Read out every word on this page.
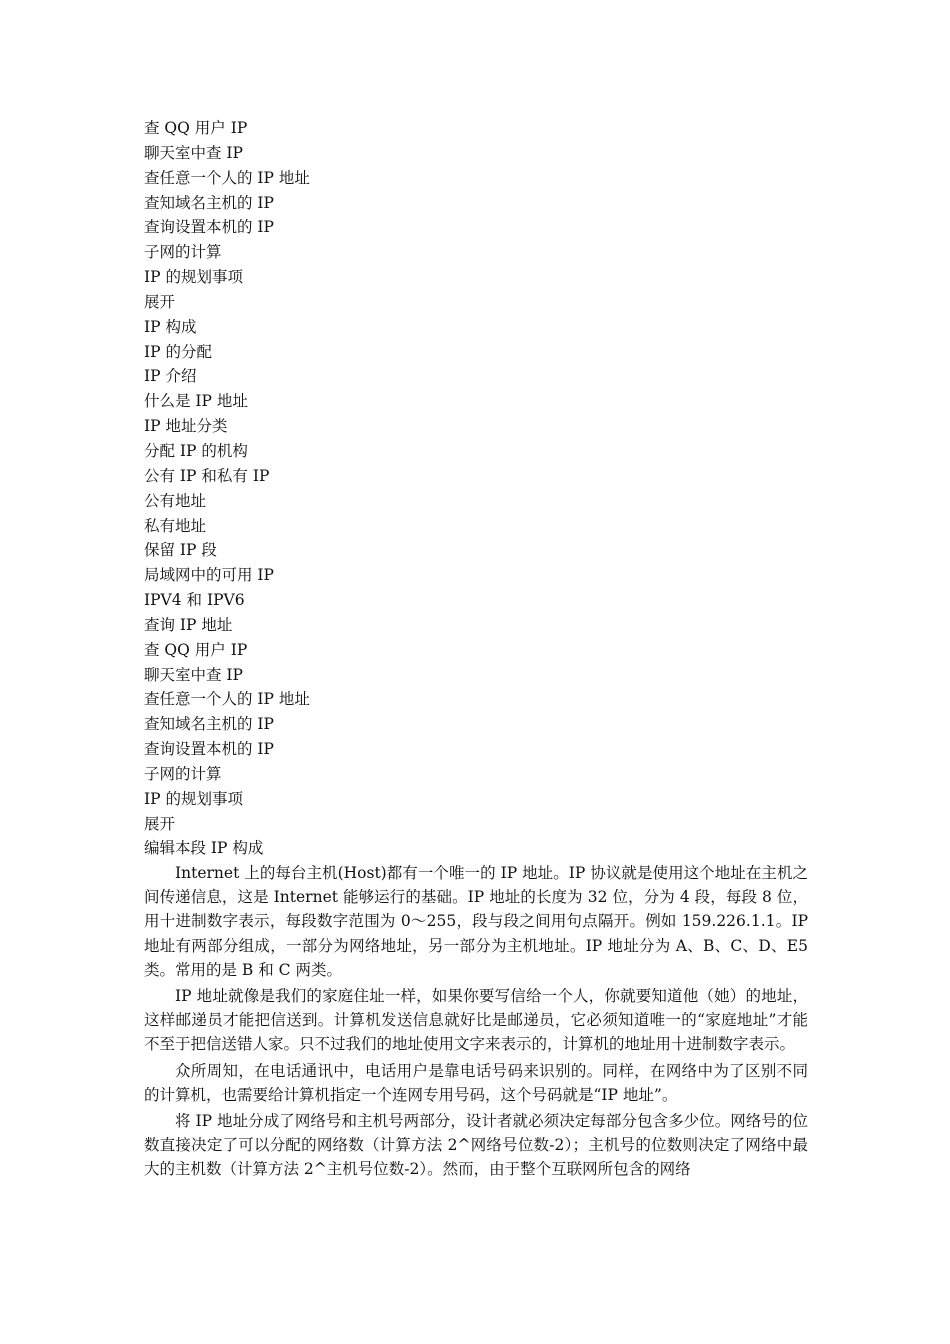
查 QQ 用户 IP
聊天室中查 IP
查任意一个人的 IP 地址
查知域名主机的 IP
查询设置本机的 IP
子网的计算
IP 的规划事项
展开
IP 构成
IP 的分配
IP 介绍
什么是 IP 地址
IP 地址分类
分配 IP 的机构
公有 IP 和私有 IP
公有地址
私有地址
保留 IP 段
局域网中的可用 IP
IPV4 和 IPV6
查询 IP 地址
查 QQ 用户 IP
聊天室中查 IP
查任意一个人的 IP 地址
查知域名主机的 IP
查询设置本机的 IP
子网的计算
IP 的规划事项
展开
编辑本段 IP 构成

Internet 上的每台主机(Host)都有一个唯一的 IP 地址。IP 协议就是使用这个地址在主机之间传递信息，这是 Internet 能够运行的基础。IP 地址的长度为 32 位，分为 4 段，每段 8 位，用十进制数字表示，每段数字范围为 0～255，段与段之间用句点隔开。例如 159.226.1.1。IP 地址有两部分组成，一部分为网络地址，另一部分为主机地址。IP 地址分为 A、B、C、D、E5 类。常用的是 B 和 C 两类。

IP 地址就像是我们的家庭住址一样，如果你要写信给一个人，你就要知道他（她）的地址，这样邮递员才能把信送到。计算机发送信息就好比是邮递员，它必须知道唯一的“家庭地址”才能不至于把信送错人家。只不过我们的地址使用文字来表示的，计算机的地址用十进制数字表示。

众所周知，在电话通讯中，电话用户是靠电话号码来识别的。同样，在网络中为了区别不同的计算机，也需要给计算机指定一个连网专用号码，这个号码就是“IP 地址”。

将 IP 地址分成了网络号和主机号两部分，设计者就必须决定每部分包含多少位。网络号的位数直接决定了可以分配的网络数（计算方法 2^网络号位数-2）；主机号的位数则决定了网络中最大的主机数（计算方法 2^主机号位数-2）。然而，由于整个互联网所包含的网络
